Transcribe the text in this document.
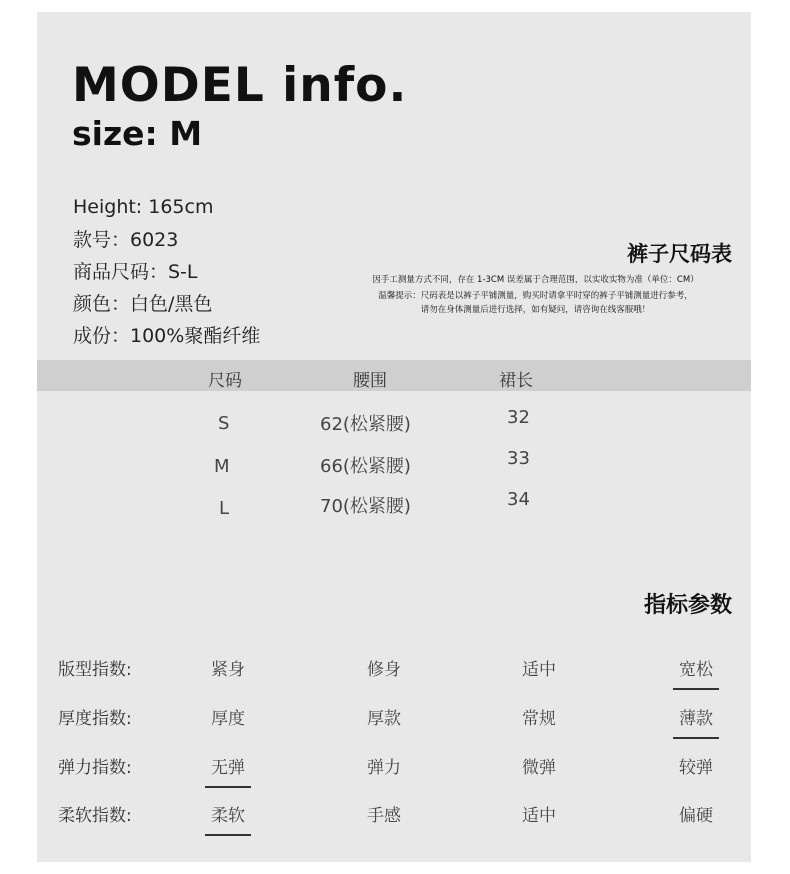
MODEL info.
size: M
Height: 165cm
款号：6023
商品尺码：S-L
颜色：白色/黑色
成份：100%聚酯纤维
裤子尺码表
因手工测量方式不同，存在 1-3CM 误差属于合理范围，以实收实物为准（单位：CM）
温馨提示：尺码表是以裤子平铺测量，购买时请拿平时穿的裤子平铺测量进行参考，
请勿在身体测量后进行选择，如有疑问，请咨询在线客服哦！
尺码	腰围	裙长
S	62(松紧腰)	32
M	66(松紧腰)	33
L	70(松紧腰)	34
指标参数
版型指数:	紧身	修身	适中	宽松
厚度指数:	厚度	厚款	常规	薄款
弹力指数:	无弹	弹力	微弹	较弹
柔软指数:	柔软	手感	适中	偏硬
